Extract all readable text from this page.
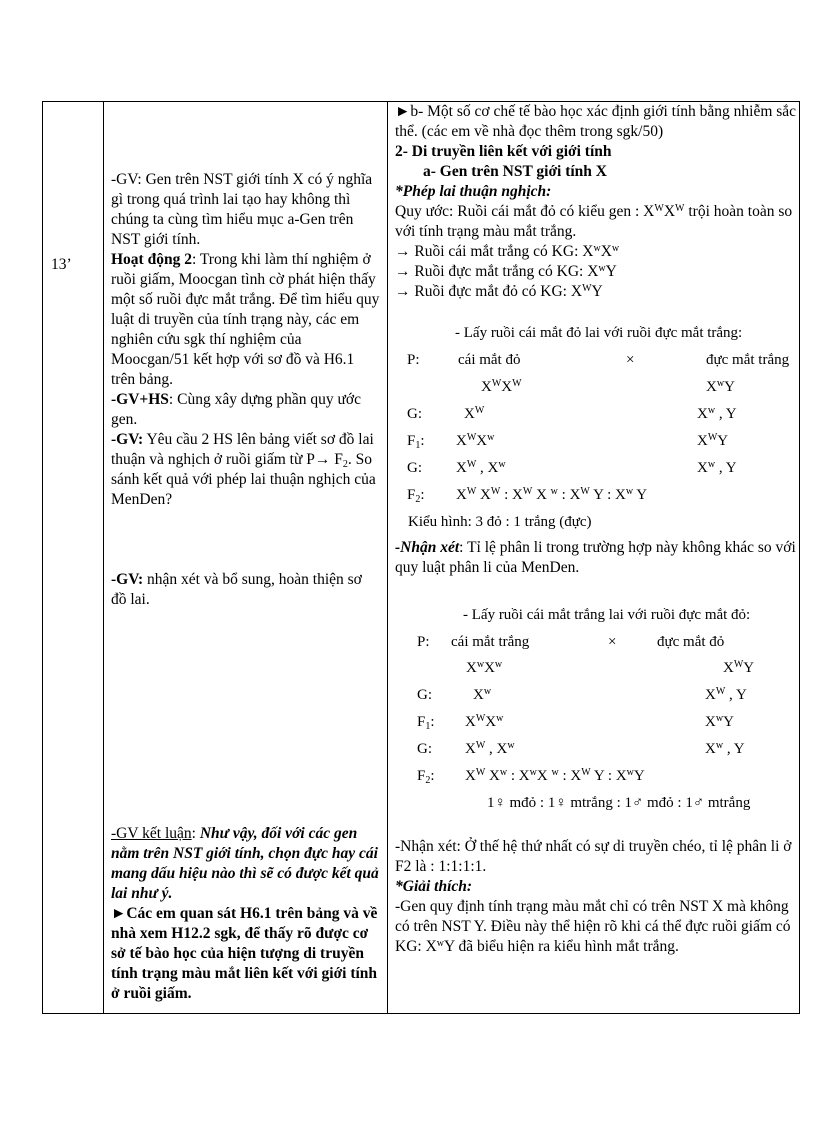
13’

-GV: Gen trên NST giới tính X có ý nghĩa gì trong quá trình lai tạo hay không thì chúng ta cùng tìm hiểu mục a-Gen trên NST giới tính.

Hoạt động 2: Trong khi làm thí nghiệm ở ruồi giấm, Moocgan tình cờ phát hiện thấy một số ruồi đực mắt trắng. Để tìm hiểu quy luật di truyền của tính trạng này, các em nghiên cứu sgk thí nghiệm của Moocgan/51 kết hợp với sơ đồ và H6.1 trên bảng.

-GV+HS: Cùng xây dựng phần quy ước gen.

-GV: Yêu cầu 2 HS lên bảng viết sơ đồ lai thuận và nghịch ở ruồi giấm từ $P\to F_2$. So sánh kết quả với phép lai thuận nghịch của MenDen?

-GV: nhận xét và bổ sung, hoàn thiện sơ đồ lai.

-GV kết luận: Như vậy, đối với các gen nằm trên NST giới tính, chọn đực hay cái mang dấu hiệu nào thì sẽ có được kết quả lai như ý.

►Các em quan sát H6.1 trên bảng và về nhà xem H12.2 sgk, để thấy rõ được cơ sở tế bào học của hiện tượng di truyền tính trạng màu mắt liên kết với giới tính ở ruồi giấm.

►b- Một số cơ chế tế bào học xác định giới tính bằng nhiễm sắc thể. (các em về nhà đọc thêm trong sgk/50)

2- Di truyền liên kết với giới tính

a- Gen trên NST giới tính X

*Phép lai thuận nghịch:

Quy ước: Ruồi cái mắt đỏ có kiểu gen : $X^WX^W$ trội hoàn toàn so với tính trạng màu mắt trắng.

→ Ruồi cái mắt trắng có KG: $X^wX^w$

→ Ruồi đực mắt trắng có KG: $X^wY$

→ Ruồi đực mắt đỏ có KG: $X^WY$

- Lấy ruồi cái mắt đỏ lai với ruồi đực mắt trắng:
P:	cái mắt đỏ	×	đực mắt trắng
$X^WX^W$	$X^wY$
G:	$X^W$	$X^w$ , Y
$F_1$: $X^WX^w$	$X^WY$
G: $X^W$ , $X^w$	$X^w$ , Y
$F_2$: $X^W$ $X^W$ : $X^W$ X $^w$ : $X^W$ Y : $X^w$ Y
Kiểu hình: 3 đỏ : 1 trắng (đực)

-Nhận xét: Tỉ lệ phân li trong trường hợp này không khác so với quy luật phân li của MenDen.

- Lấy ruồi cái mắt trắng lai với ruồi đực mắt đỏ:
P: cái mắt trắng	×	đực mắt đỏ
$X^wX^w$	$X^WY$
G:	$X^w$	$X^W$ , Y
$F_1$: $X^WX^w$	$X^wY$
G: $X^W$ , $X^w$	$X^w$ , Y
$F_2$: $X^W$ $X^w$ : $X^wX$ $^w$ : $X^W$ Y : $X^wY$
1♀ mđỏ : 1♀ mtrắng : 1♂ mđỏ : 1♂ mtrắng
-Nhận xét: Ở thế hệ thứ nhất có sự di truyền chéo, tỉ lệ phân li ở F2 là : 1:1:1:1.

*Giải thích:

-Gen quy định tính trạng màu mắt chỉ có trên NST X mà không có trên NST Y. Điều này thể hiện rõ khi cá thể đực ruồi giấm có KG: $X^wY$ đã biểu hiện ra kiểu hình mắt trắng.
